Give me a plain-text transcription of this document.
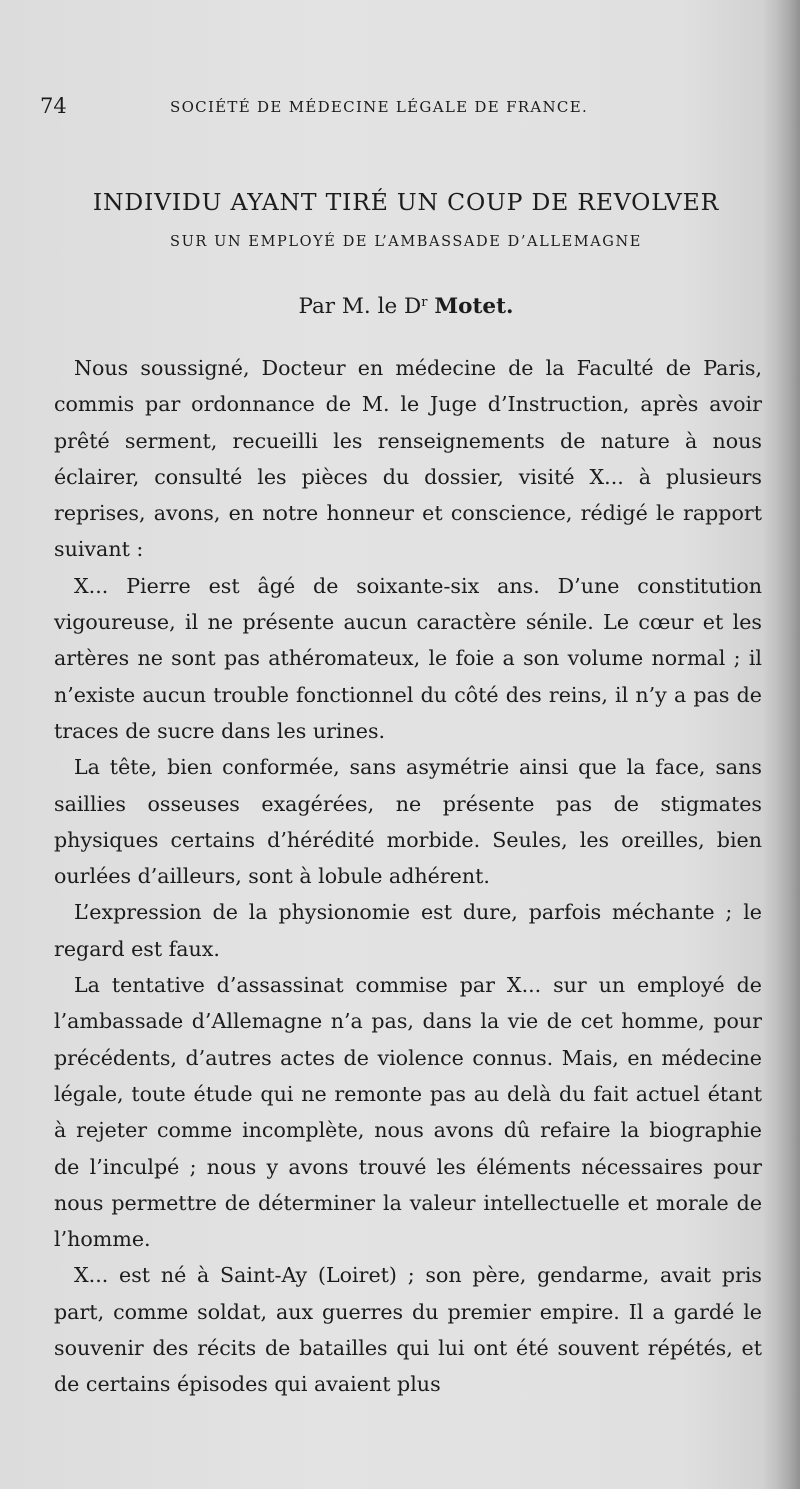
74	SOCIÉTÉ DE MÉDECINE LÉGALE DE FRANCE.
INDIVIDU AYANT TIRÉ UN COUP DE REVOLVER
SUR UN EMPLOYÉ DE L’AMBASSADE D’ALLEMAGNE
Par M. le $D^r$ Motet.

Nous soussigné, Docteur en médecine de la Faculté de Paris, commis par ordonnance de M. le Juge d’Instruction, après avoir prêté serment, recueilli les renseignements de nature à nous éclairer, consulté les pièces du dossier, visité X... à plusieurs reprises, avons, en notre honneur et conscience, rédigé le rapport suivant :

X... Pierre est âgé de soixante-six ans. D’une constitution vigoureuse, il ne présente aucun caractère sénile. Le cœur et les artères ne sont pas athéromateux, le foie a son volume normal ; il n’existe aucun trouble fonctionnel du côté des reins, il n’y a pas de traces de sucre dans les urines.

La tête, bien conformée, sans asymétrie ainsi que la face, sans saillies osseuses exagérées, ne présente pas de stigmates physiques certains d’hérédité morbide. Seules, les oreilles, bien ourlées d’ailleurs, sont à lobule adhérent.

L’expression de la physionomie est dure, parfois méchante ; le regard est faux.

La tentative d’assassinat commise par X... sur un employé de l’ambassade d’Allemagne n’a pas, dans la vie de cet homme, pour précédents, d’autres actes de violence connus. Mais, en médecine légale, toute étude qui ne remonte pas au delà du fait actuel étant à rejeter comme incomplète, nous avons dû refaire la biographie de l’inculpé ; nous y avons trouvé les éléments nécessaires pour nous permettre de déterminer la valeur intellectuelle et morale de l’homme.

X... est né à Saint-Ay (Loiret) ; son père, gendarme, avait pris part, comme soldat, aux guerres du premier empire. Il a gardé le souvenir des récits de batailles qui lui ont été souvent répétés, et de certains épisodes qui avaient plus
